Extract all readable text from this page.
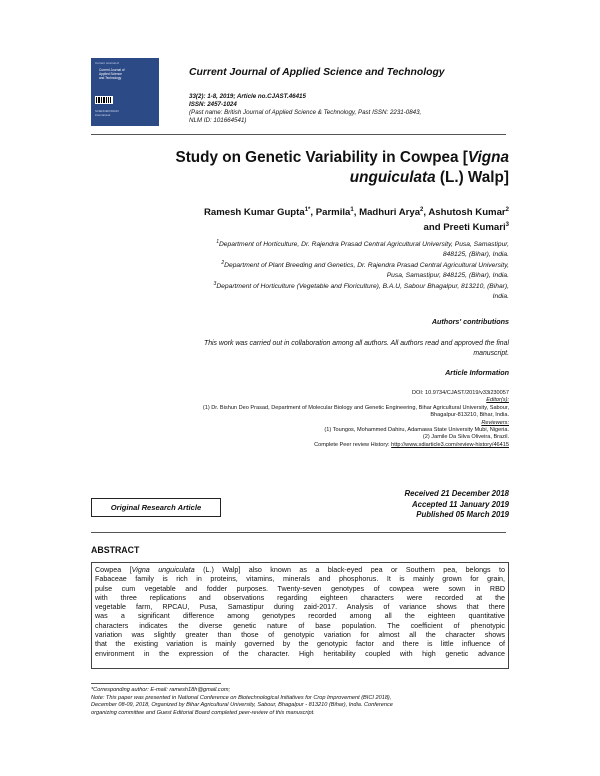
Current Journal of
Current Journal of
Applied Science
and Technology
SCIENCEDOMAIN
international
Current Journal of Applied Science and Technology
33(2): 1-8, 2019; Article no.CJAST.46415
ISSN: 2457-1024
(Past name: British Journal of Applied Science & Technology, Past ISSN: 2231-0843,
NLM ID: 101664541)
Study on Genetic Variability in Cowpea [Vigna
unguiculata (L.) Walp]
Ramesh Kumar Gupta$^{1*}$, Parmila$^1$, Madhuri Arya$^2$, Ashutosh Kumar$^2$
and Preeti Kumari$^3$
$^1$Department of Horticulture, Dr. Rajendra Prasad Central Agricultural University, Pusa, Samastipur,
848125, (Bihar), India.
$^2$Department of Plant Breeding and Genetics, Dr. Rajendra Prasad Central Agricultural University,
Pusa, Samastipur, 848125, (Bihar), India.
$^3$Department of Horticulture (Vegetable and Floriculture), B.A.U, Sabour Bhagalpur, 813210, (Bihar),
India.
Authors' contributions
This work was carried out in collaboration among all authors. All authors read and approved the final
manuscript.
Article Information
DOI: 10.9734/CJAST/2019/v33i230057
Editor(s):
(1) Dr. Bishun Deo Prasad, Department of Molecular Biology and Genetic Engineering, Bihar Agricultural University, Sabour,
Bhagalpur-813210, Bihar, India.
Reviewers:
(1) Toungos, Mohammed Dahiru, Adamawa State University Mubi, Nigeria.
(2) Jamile Da Silva Oliveira, Brazil.
Complete Peer review History: http://www.sdiarticle3.com/review-history/46415
Received 21 December 2018
Accepted 11 January 2019
Published 05 March 2019
Original Research Article
ABSTRACT
Cowpea [Vigna unguiculata (L.) Walp] also known as a black-eyed pea or Southern pea, belongs to
Fabaceae family is rich in proteins, vitamins, minerals and phosphorus. It is mainly grown for grain,
pulse cum vegetable and fodder purposes. Twenty-seven genotypes of cowpea were sown in RBD
with three replications and observations regarding eighteen characters were recorded at the
vegetable farm, RPCAU, Pusa, Samastipur during zaid-2017. Analysis of variance shows that there
was a significant difference among genotypes recorded among all the eighteen quantitative
characters indicates the diverse genetic nature of base population. The coefficient of phenotypic
variation was slightly greater than those of genotypic variation for almost all the character shows
that the existing variation is mainly governed by the genotypic factor and there is little influence of
environment in the expression of the character. High heritability coupled with high genetic advance
*Corresponding author: E-mail: ramesh18h@gmail.com;
Note: This paper was presented in National Conference on Biotechnological Initiatives for Crop Improvement (BICI 2018),
December 08-09, 2018, Organized by Bihar Agricultural University, Sabour, Bhagalpur - 813210 (Bihar), India. Conference
organizing committee and Guest Editorial Board completed peer-review of this manuscript.
